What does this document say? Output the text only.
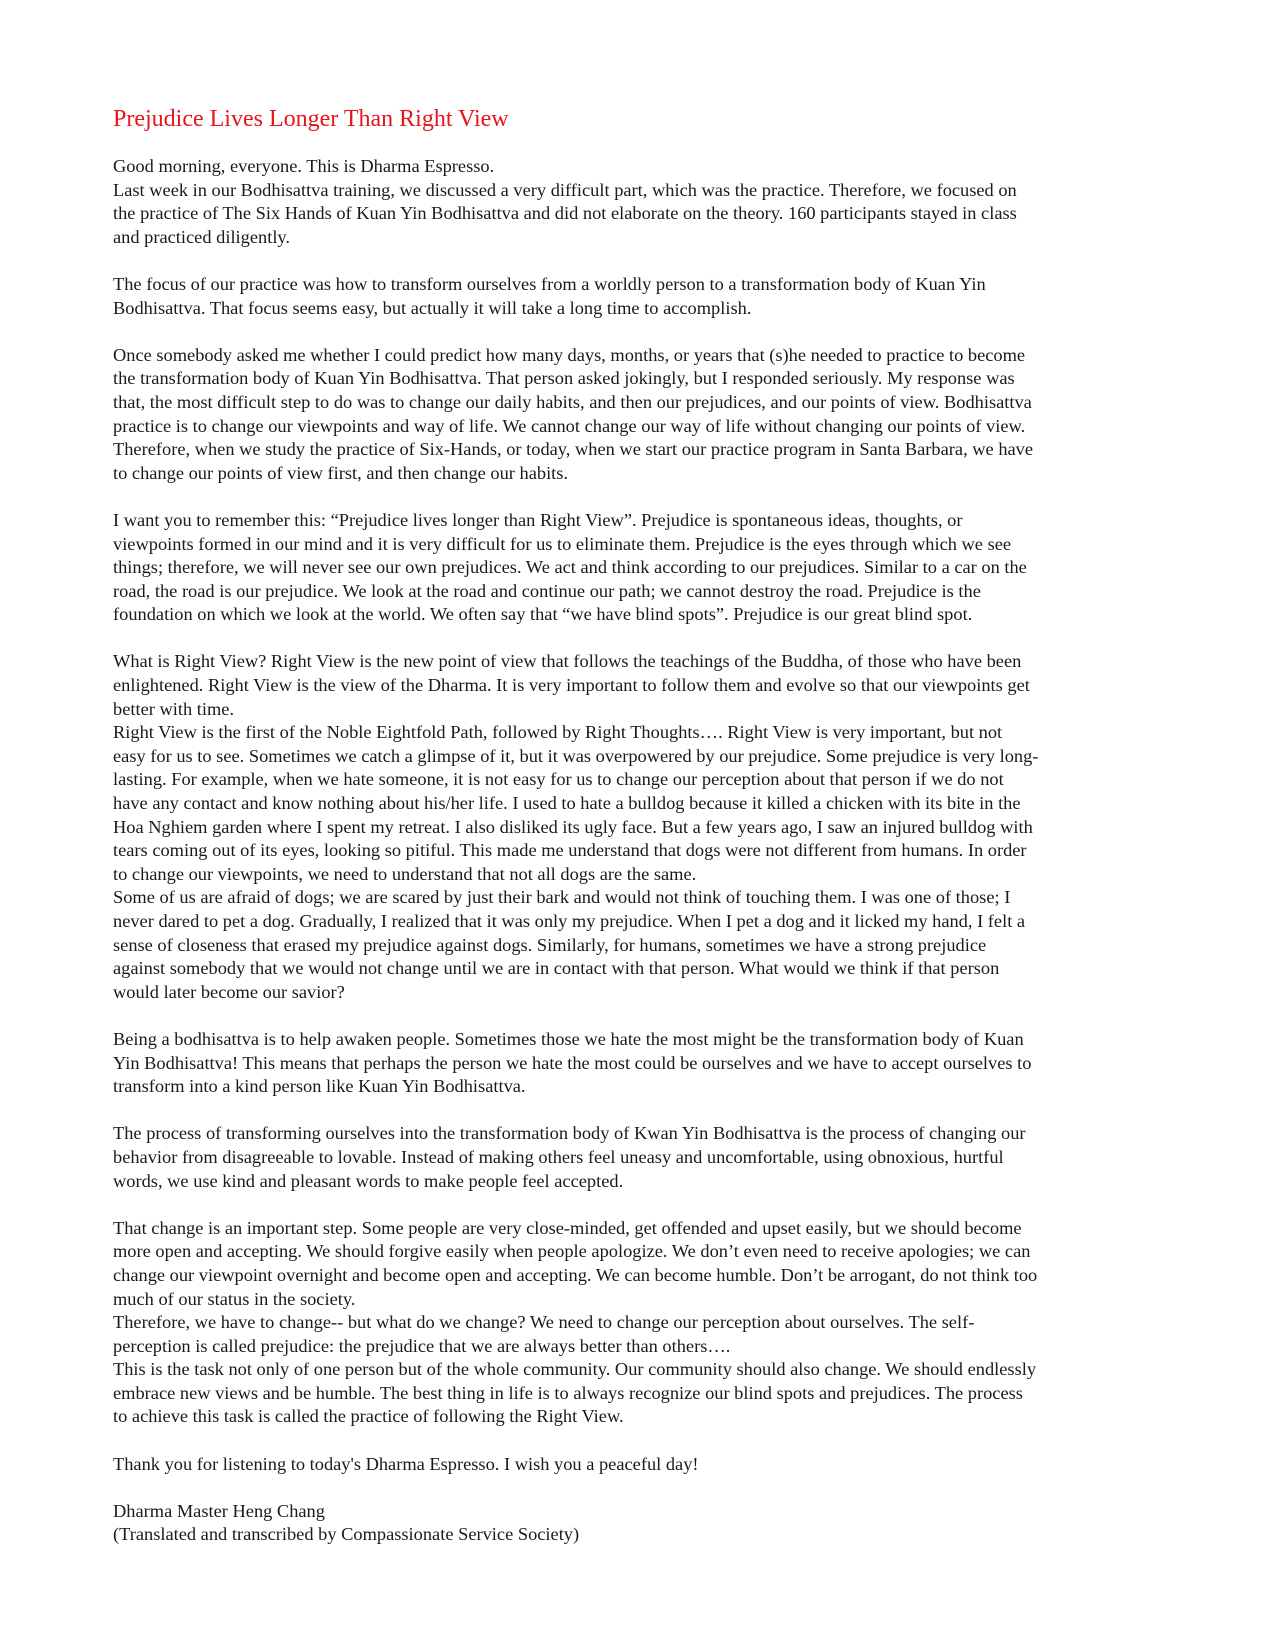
Prejudice Lives Longer Than Right View
Good morning, everyone. This is Dharma Espresso.
Last week in our Bodhisattva training, we discussed a very difficult part, which was the practice. Therefore, we focused on
the practice of The Six Hands of Kuan Yin Bodhisattva and did not elaborate on the theory. 160 participants stayed in class
and practiced diligently.
The focus of our practice was how to transform ourselves from a worldly person to a transformation body of Kuan Yin
Bodhisattva. That focus seems easy, but actually it will take a long time to accomplish.
Once somebody asked me whether I could predict how many days, months, or years that (s)he needed to practice to become
the transformation body of Kuan Yin Bodhisattva. That person asked jokingly, but I responded seriously. My response was
that, the most difficult step to do was to change our daily habits, and then our prejudices, and our points of view. Bodhisattva
practice is to change our viewpoints and way of life. We cannot change our way of life without changing our points of view.
Therefore, when we study the practice of Six-Hands, or today, when we start our practice program in Santa Barbara, we have
to change our points of view first, and then change our habits.
I want you to remember this: “Prejudice lives longer than Right View”. Prejudice is spontaneous ideas, thoughts, or
viewpoints formed in our mind and it is very difficult for us to eliminate them. Prejudice is the eyes through which we see
things; therefore, we will never see our own prejudices. We act and think according to our prejudices. Similar to a car on the
road, the road is our prejudice. We look at the road and continue our path; we cannot destroy the road. Prejudice is the
foundation on which we look at the world. We often say that “we have blind spots”. Prejudice is our great blind spot.
What is Right View? Right View is the new point of view that follows the teachings of the Buddha, of those who have been
enlightened. Right View is the view of the Dharma. It is very important to follow them and evolve so that our viewpoints get
better with time.
Right View is the first of the Noble Eightfold Path, followed by Right Thoughts…. Right View is very important, but not
easy for us to see. Sometimes we catch a glimpse of it, but it was overpowered by our prejudice. Some prejudice is very long-
lasting. For example, when we hate someone, it is not easy for us to change our perception about that person if we do not
have any contact and know nothing about his/her life. I used to hate a bulldog because it killed a chicken with its bite in the
Hoa Nghiem garden where I spent my retreat. I also disliked its ugly face. But a few years ago, I saw an injured bulldog with
tears coming out of its eyes, looking so pitiful. This made me understand that dogs were not different from humans. In order
to change our viewpoints, we need to understand that not all dogs are the same.
Some of us are afraid of dogs; we are scared by just their bark and would not think of touching them. I was one of those; I
never dared to pet a dog. Gradually, I realized that it was only my prejudice. When I pet a dog and it licked my hand, I felt a
sense of closeness that erased my prejudice against dogs. Similarly, for humans, sometimes we have a strong prejudice
against somebody that we would not change until we are in contact with that person. What would we think if that person
would later become our savior?
Being a bodhisattva is to help awaken people. Sometimes those we hate the most might be the transformation body of Kuan
Yin Bodhisattva! This means that perhaps the person we hate the most could be ourselves and we have to accept ourselves to
transform into a kind person like Kuan Yin Bodhisattva.
The process of transforming ourselves into the transformation body of Kwan Yin Bodhisattva is the process of changing our
behavior from disagreeable to lovable. Instead of making others feel uneasy and uncomfortable, using obnoxious, hurtful
words, we use kind and pleasant words to make people feel accepted.
That change is an important step. Some people are very close-minded, get offended and upset easily, but we should become
more open and accepting. We should forgive easily when people apologize. We don’t even need to receive apologies; we can
change our viewpoint overnight and become open and accepting. We can become humble. Don’t be arrogant, do not think too
much of our status in the society.
Therefore, we have to change-- but what do we change? We need to change our perception about ourselves. The self-
perception is called prejudice: the prejudice that we are always better than others….
This is the task not only of one person but of the whole community. Our community should also change. We should endlessly
embrace new views and be humble. The best thing in life is to always recognize our blind spots and prejudices. The process
to achieve this task is called the practice of following the Right View.
Thank you for listening to today's Dharma Espresso. I wish you a peaceful day!
Dharma Master Heng Chang
(Translated and transcribed by Compassionate Service Society)
